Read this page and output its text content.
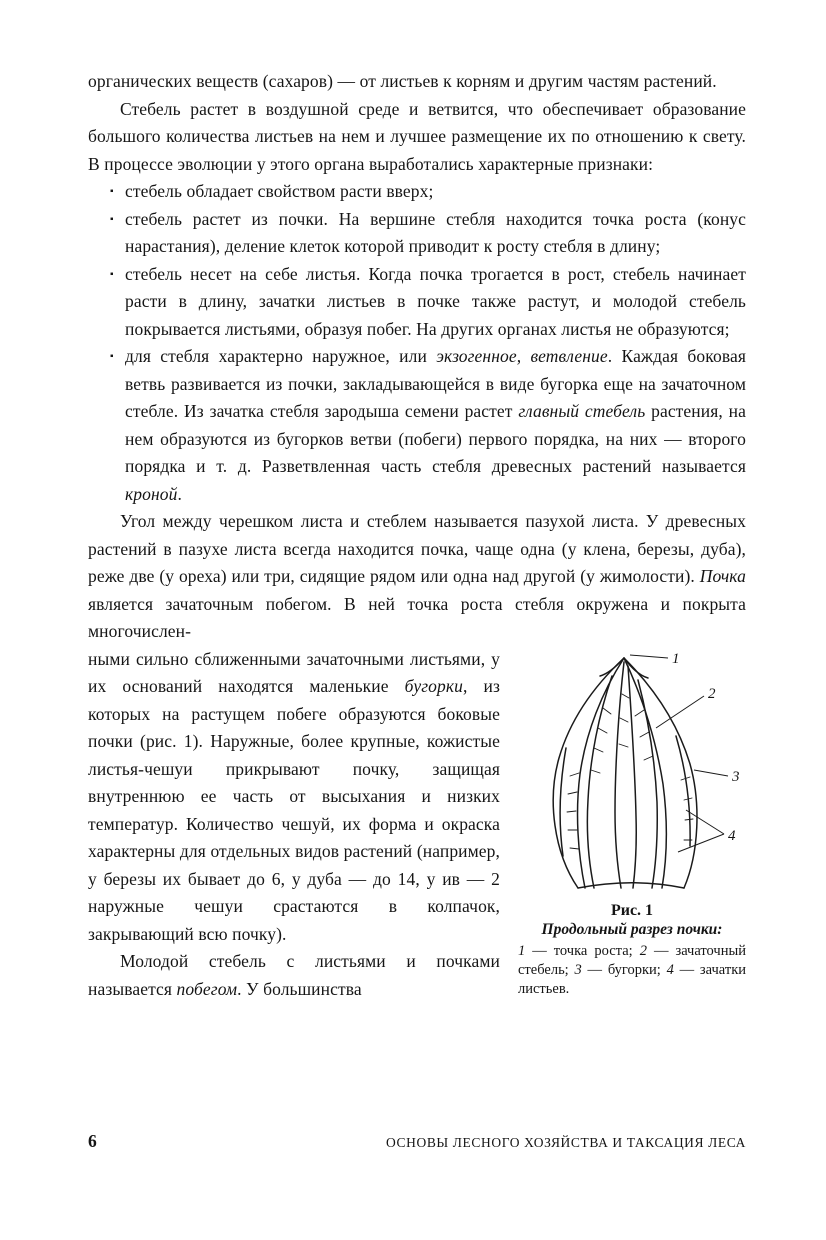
органических веществ (сахаров) — от листьев к корням и другим частям растений.

Стебель растет в воздушной среде и ветвится, что обеспечивает образование большого количества листьев на нем и лучшее размещение их по отношению к свету. В процессе эволюции у этого органа выработались характерные признаки:

▪ стебель обладает свойством расти вверх;
▪ стебель растет из почки. На вершине стебля находится точка роста (конус нарастания), деление клеток которой приводит к росту стебля в длину;
▪ стебель несет на себе листья. Когда почка трогается в рост, стебель начинает расти в длину, зачатки листьев в почке также растут, и молодой стебель покрывается листьями, образуя побег. На других органах листья не образуются;
▪ для стебля характерно наружное, или экзогенное, ветвление. Каждая боковая ветвь развивается из почки, закладывающейся в виде бугорка еще на зачаточном стебле. Из зачатка стебля зародыша семени растет главный стебель растения, на нем образуются из бугорков ветви (побеги) первого порядка, на них — второго порядка и т. д. Разветвленная часть стебля древесных растений называется кроной.

Угол между черешком листа и стеблем называется пазухой листа. У древесных растений в пазухе листа всегда находится почка, чаще одна (у клена, березы, дуба), реже две (у ореха) или три, сидящие рядом или одна над другой (у жимолости). Почка является зачаточным побегом. В ней точка роста стебля окружена и покрыта многочислен-

ными сильно сближенными зачаточными листьями, у их оснований находятся маленькие бугорки, из которых на растущем побеге образуются боковые почки (рис. 1). Наружные, более крупные, кожистые листья-чешуи прикрывают почку, защищая внутреннюю ее часть от высыхания и низких температур. Количество чешуй, их форма и окраска характерны для отдельных видов растений (например, у березы их бывает до 6, у дуба — до 14, у ив — 2 наружные чешуи срастаются в колпачок, закрывающий всю почку).

Молодой стебель с листьями и почками называется побегом. У большинства

1
2
3
4
Рис. 1
Продольный разрез почки:
1 — точка роста; 2 — зачаточный стебель; 3 — бугорки; 4 — зачатки листьев.
6	ОСНОВЫ ЛЕСНОГО ХОЗЯЙСТВА И ТАКСАЦИЯ ЛЕСА
